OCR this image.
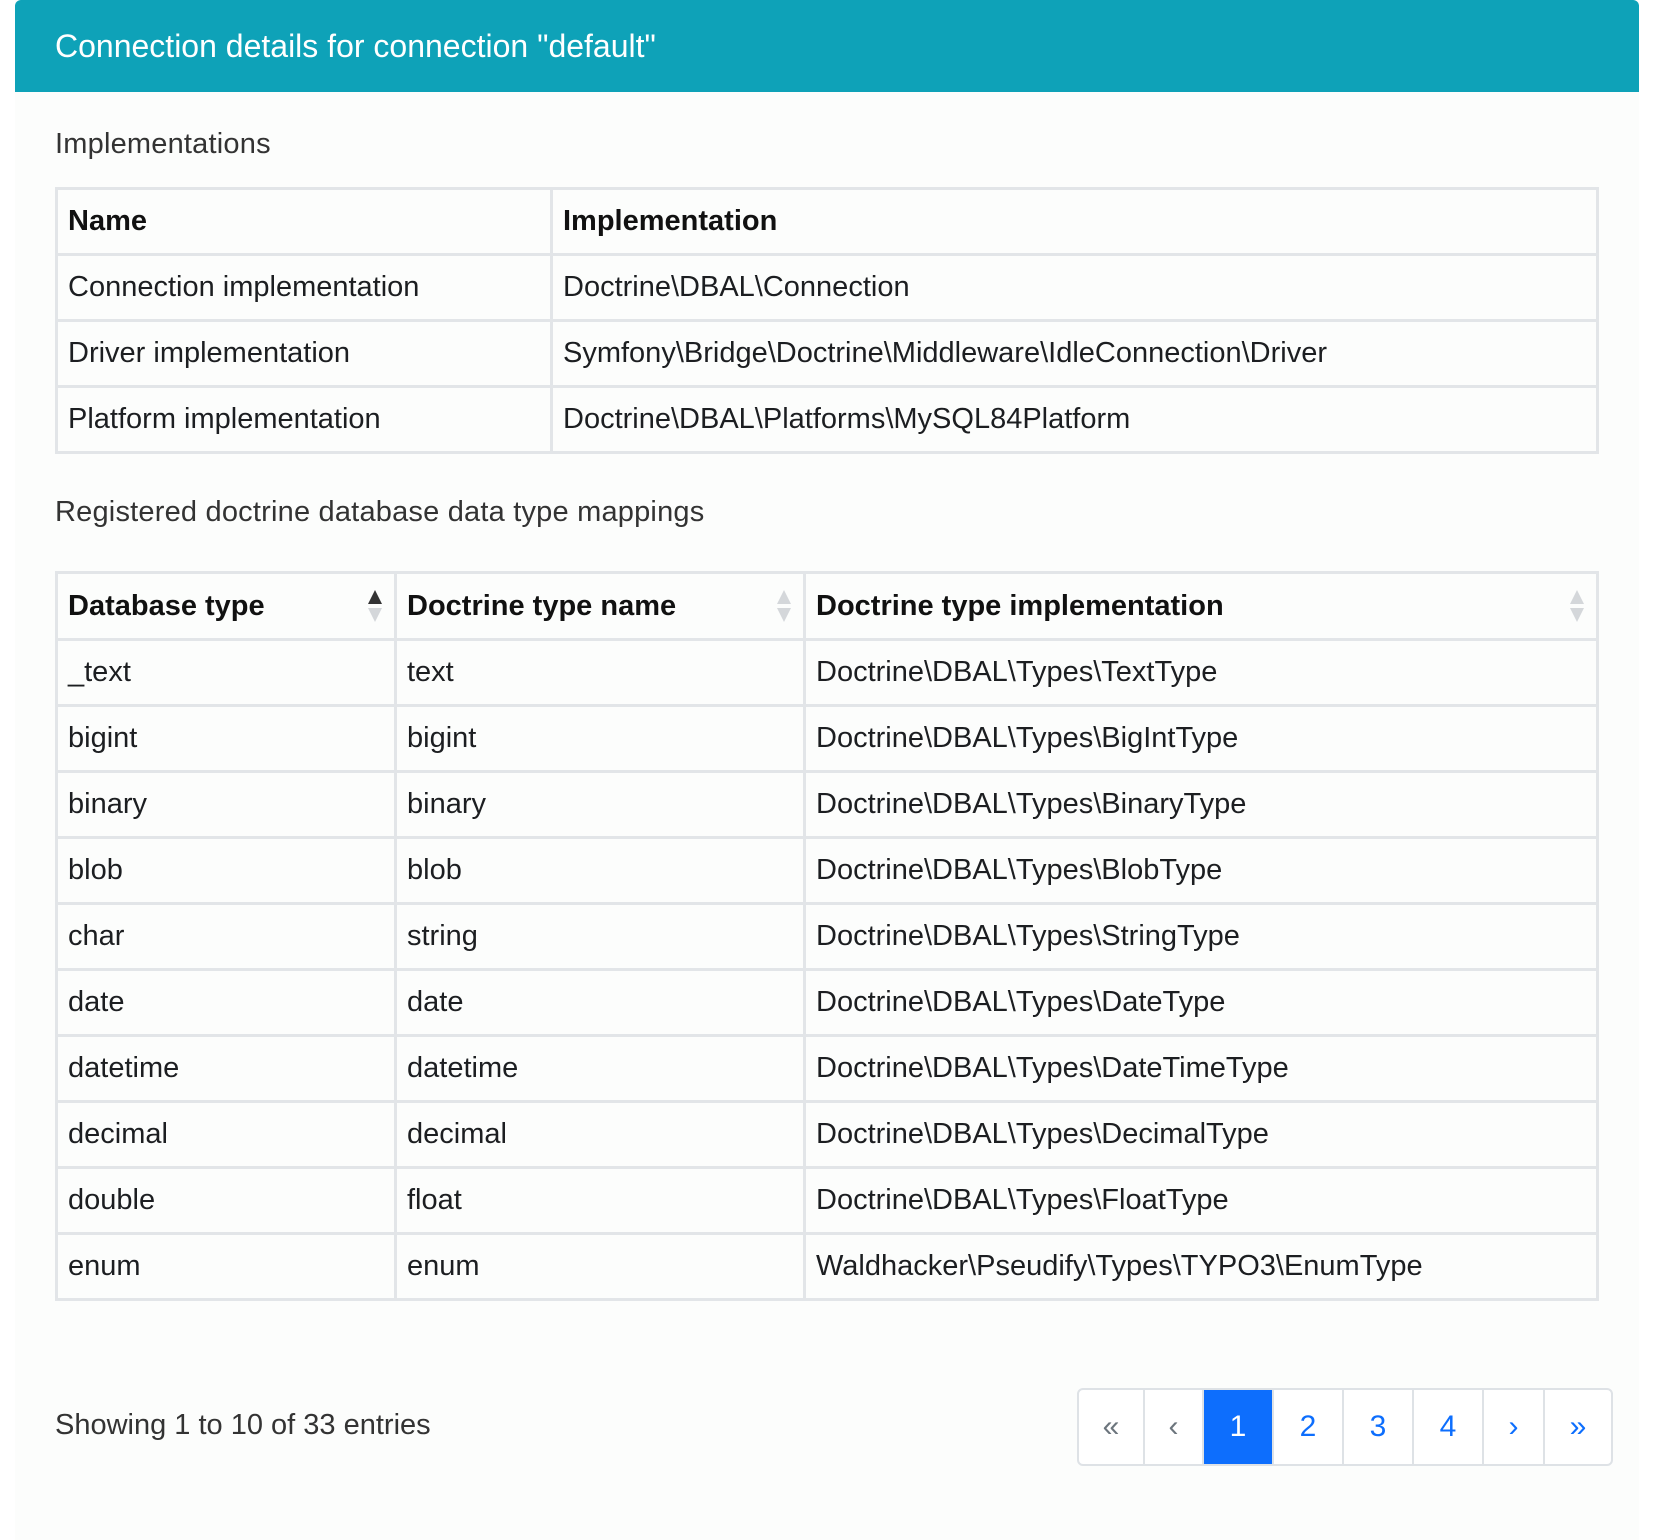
Connection details for connection "default"
Implementations
Name	Implementation
Connection implementation	Doctrine\DBAL\Connection
Driver implementation	Symfony\Bridge\Doctrine\Middleware\IdleConnection\Driver
Platform implementation	Doctrine\DBAL\Platforms\MySQL84Platform
Registered doctrine database data type mappings
Database type	Doctrine type name	Doctrine type implementation

_text	text	Doctrine\DBAL\Types\TextType
bigint	bigint	Doctrine\DBAL\Types\BigIntType
binary	binary	Doctrine\DBAL\Types\BinaryType
blob	blob	Doctrine\DBAL\Types\BlobType
char	string	Doctrine\DBAL\Types\StringType
date	date	Doctrine\DBAL\Types\DateType
datetime	datetime	Doctrine\DBAL\Types\DateTimeType
decimal	decimal	Doctrine\DBAL\Types\DecimalType
double	float	Doctrine\DBAL\Types\FloatType
enum	enum	Waldhacker\Pseudify\Types\TYPO3\EnumType
Showing 1 to 10 of 33 entries	«	‹	1	2	3	4	›	»
